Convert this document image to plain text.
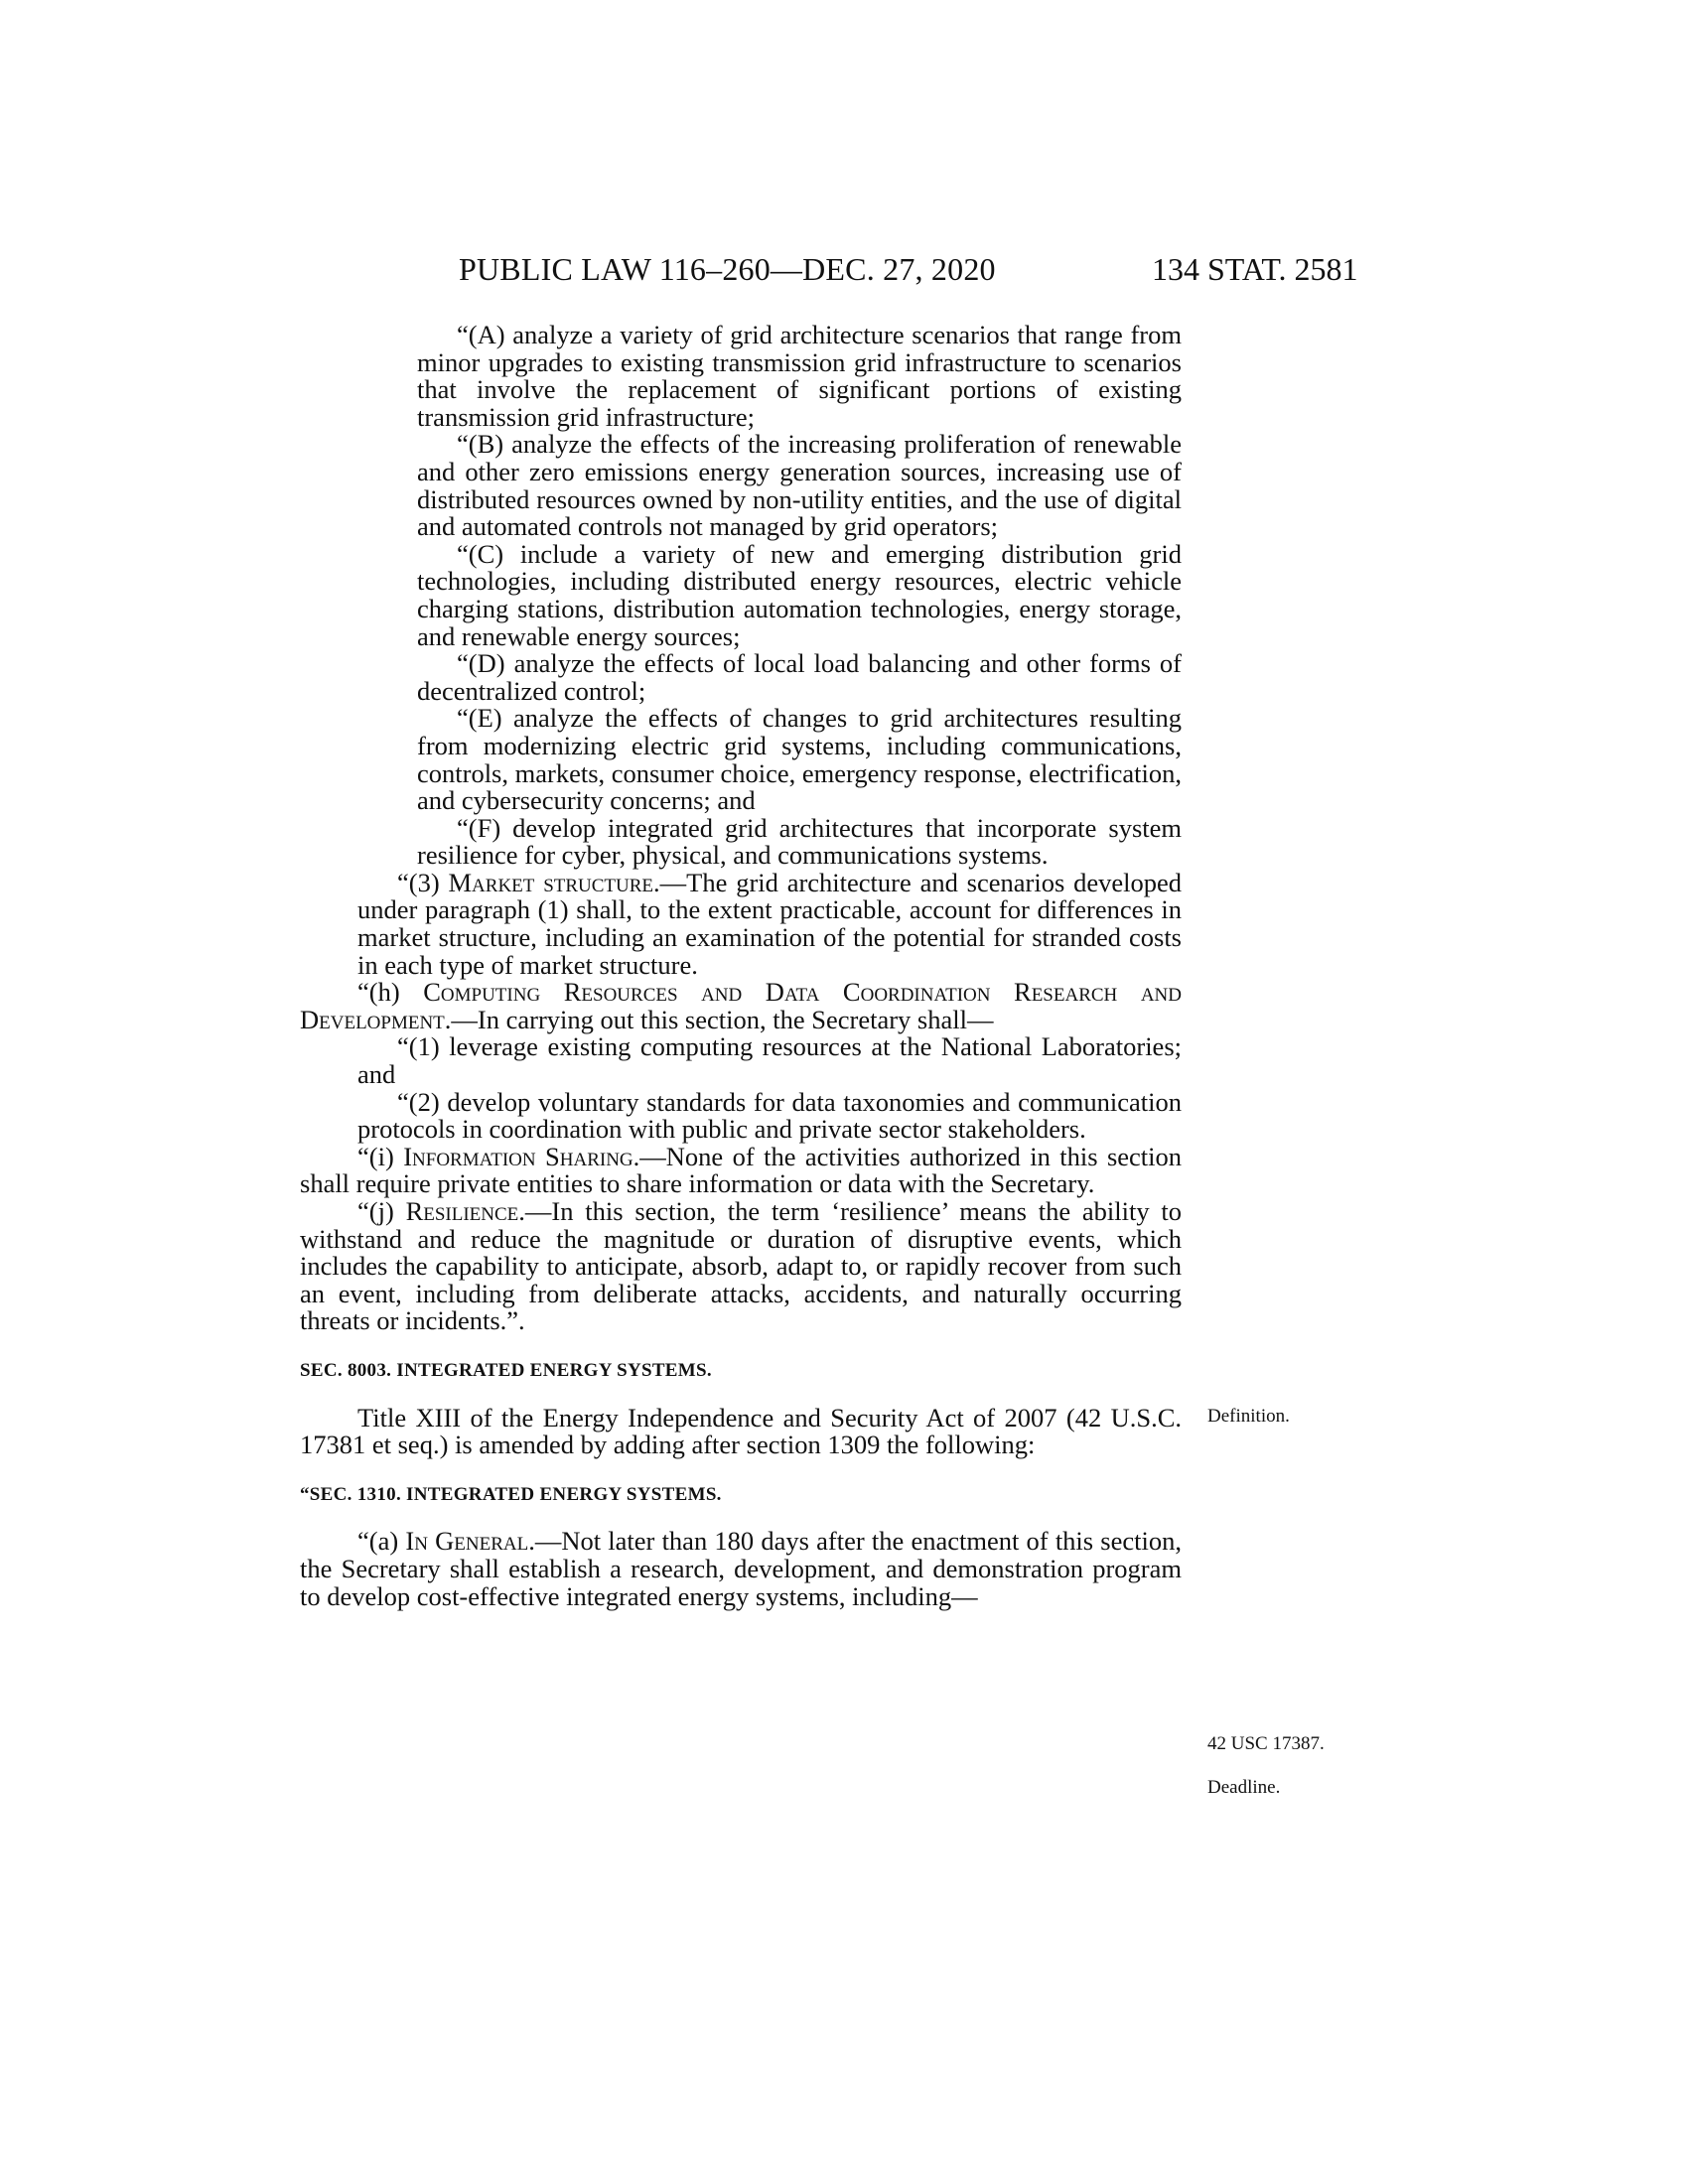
PUBLIC LAW 116–260—DEC. 27, 2020	134 STAT. 2581

“(A) analyze a variety of grid architecture scenarios that range from minor upgrades to existing transmission grid infrastructure to scenarios that involve the replacement of significant portions of existing transmission grid infrastructure;

“(B) analyze the effects of the increasing proliferation of renewable and other zero emissions energy generation sources, increasing use of distributed resources owned by non-utility entities, and the use of digital and automated controls not managed by grid operators;

“(C) include a variety of new and emerging distribution grid technologies, including distributed energy resources, electric vehicle charging stations, distribution automation technologies, energy storage, and renewable energy sources;

“(D) analyze the effects of local load balancing and other forms of decentralized control;

“(E) analyze the effects of changes to grid architectures resulting from modernizing electric grid systems, including communications, controls, markets, consumer choice, emergency response, electrification, and cybersecurity concerns; and

“(F) develop integrated grid architectures that incorporate system resilience for cyber, physical, and communications systems.

“(3) Market structure.—The grid architecture and scenarios developed under paragraph (1) shall, to the extent practicable, account for differences in market structure, including an examination of the potential for stranded costs in each type of market structure.

“(h) Computing Resources and Data Coordination Research and Development.—In carrying out this section, the Secretary shall—

“(1) leverage existing computing resources at the National Laboratories; and

“(2) develop voluntary standards for data taxonomies and communication protocols in coordination with public and private sector stakeholders.

“(i) Information Sharing.—None of the activities authorized in this section shall require private entities to share information or data with the Secretary.

“(j) Resilience.—In this section, the term ‘resilience’ means the ability to withstand and reduce the magnitude or duration of disruptive events, which includes the capability to anticipate, absorb, adapt to, or rapidly recover from such an event, including from deliberate attacks, accidents, and naturally occurring threats or incidents.”.

SEC. 8003. INTEGRATED ENERGY SYSTEMS.

Title XIII of the Energy Independence and Security Act of 2007 (42 U.S.C. 17381 et seq.) is amended by adding after section 1309 the following:

“SEC. 1310. INTEGRATED ENERGY SYSTEMS.

“(a) In General.—Not later than 180 days after the enactment of this section, the Secretary shall establish a research, development, and demonstration program to develop cost-effective integrated energy systems, including—

Definition.
42 USC 17387.
Deadline.
